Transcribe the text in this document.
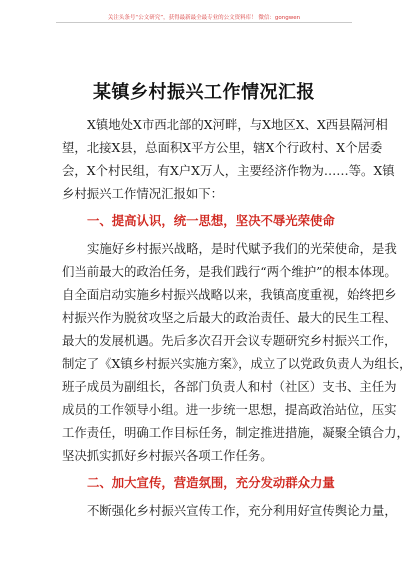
关注头条号“公文研究”，获得最新最全最专业的公文资料库！ 微信：gongwen
某镇乡村振兴工作情况汇报
X镇地处X市西北部的X河畔，与X地区X、X西县隔河相
望，北接X县，总面积X平方公里，辖X个行政村、X个居委
会，X个村民组，有X户X万人，主要经济作物为……等。X镇
乡村振兴工作情况汇报如下：
一、提高认识，统一思想，坚决不辱光荣使命
实施好乡村振兴战略，是时代赋予我们的光荣使命，是我
们当前最大的政治任务，是我们践行“两个维护”的根本体现。
自全面启动实施乡村振兴战略以来，我镇高度重视，始终把乡
村振兴作为脱贫攻坚之后最大的政治责任、最大的民生工程、
最大的发展机遇。先后多次召开会议专题研究乡村振兴工作，
制定了《X镇乡村振兴实施方案》，成立了以党政负责人为组长，
班子成员为副组长，各部门负责人和村（社区）支书、主任为
成员的工作领导小组。进一步统一思想，提高政治站位，压实
工作责任，明确工作目标任务，制定推进措施，凝聚全镇合力，
坚决抓实抓好乡村振兴各项工作任务。
二、加大宣传，营造氛围，充分发动群众力量
不断强化乡村振兴宣传工作，充分利用好宣传舆论力量，
